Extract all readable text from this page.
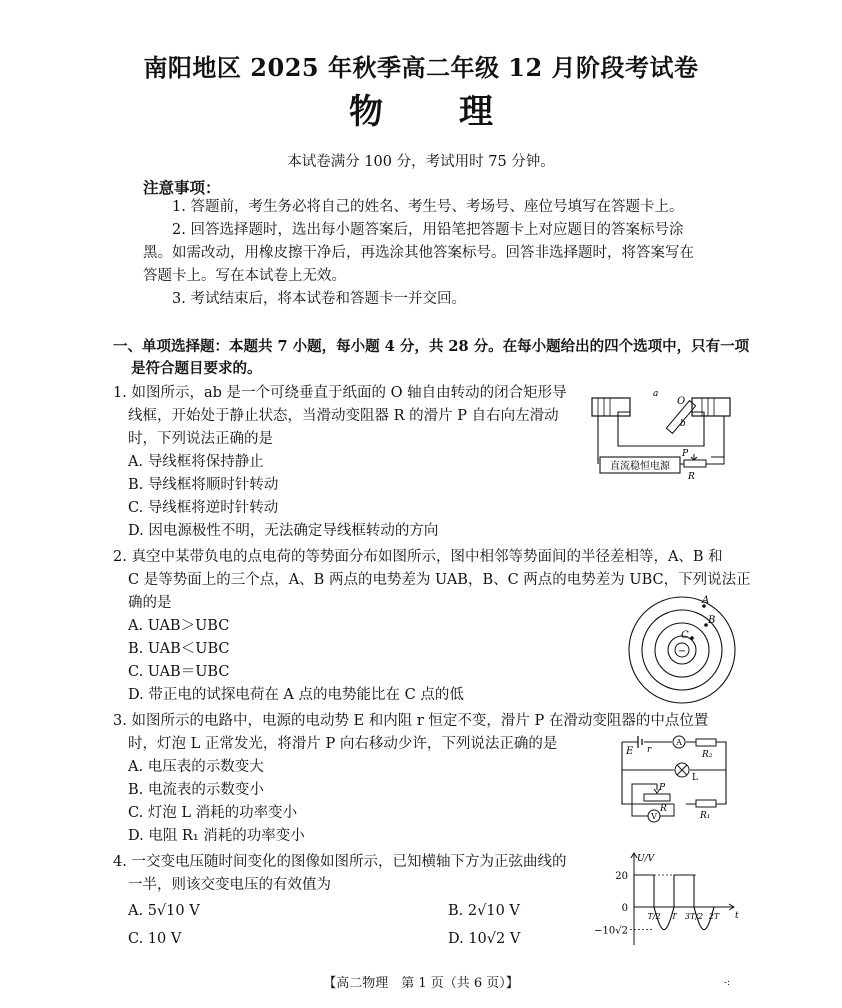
南阳地区 2025 年秋季高二年级 12 月阶段考试卷
物 理
本试卷满分 100 分，考试用时 75 分钟。
注意事项：
1. 答题前，考生务必将自己的姓名、考生号、考场号、座位号填写在答题卡上。
2. 回答选择题时，选出每小题答案后，用铅笔把答题卡上对应题目的答案标号涂
黑。如需改动，用橡皮擦干净后，再选涂其他答案标号。回答非选择题时，将答案写在
答题卡上。写在本试卷上无效。
3. 考试结束后，将本试卷和答题卡一并交回。
一、单项选择题：本题共 7 小题，每小题 4 分，共 28 分。在每小题给出的四个选项中，只有一项
是符合题目要求的。
1. 如图所示，ab 是一个可绕垂直于纸面的 O 轴自由转动的闭合矩形导
线框，开始处于静止状态，当滑动变阻器 R 的滑片 P 自右向左滑动
时，下列说法正确的是
A. 导线框将保持静止
B. 导线框将顺时针转动
C. 导线框将逆时针转动
D. 因电源极性不明，无法确定导线框转动的方向
a
O
b
直流稳恒电源
P
R
2. 真空中某带负电的点电荷的等势面分布如图所示，图中相邻等势面间的半径差相等，A、B 和
C 是等势面上的三个点，A、B 两点的电势差为 UAB，B、C 两点的电势差为 UBC，下列说法正
确的是
A. UAB＞UBC
B. UAB＜UBC
C. UAB＝UBC
D. 带正电的试探电荷在 A 点的电势能比在 C 点的低
−
A
B
C
3. 如图所示的电路中，电源的电动势 E 和内阻 r 恒定不变，滑片 P 在滑动变阻器的中点位置
时，灯泡 L 正常发光，将滑片 P 向右移动少许，下列说法正确的是
A. 电压表的示数变大
B. 电流表的示数变小
C. 灯泡 L 消耗的功率变小
D. 电阻 R₁ 消耗的功率变小
E r
A
R₂
L
P
R
R₁
V
4. 一交变电压随时间变化的图像如图所示，已知横轴下方为正弦曲线的
一半，则该交变电压的有效值为
A. 5√10 V	B. 2√10 V
C. 10 V	D. 10√2 V
U/V
t
20
0
−10√2
T/2 T 3T/2 2T
【高二物理　第 1 页（共 6 页）】	-:
